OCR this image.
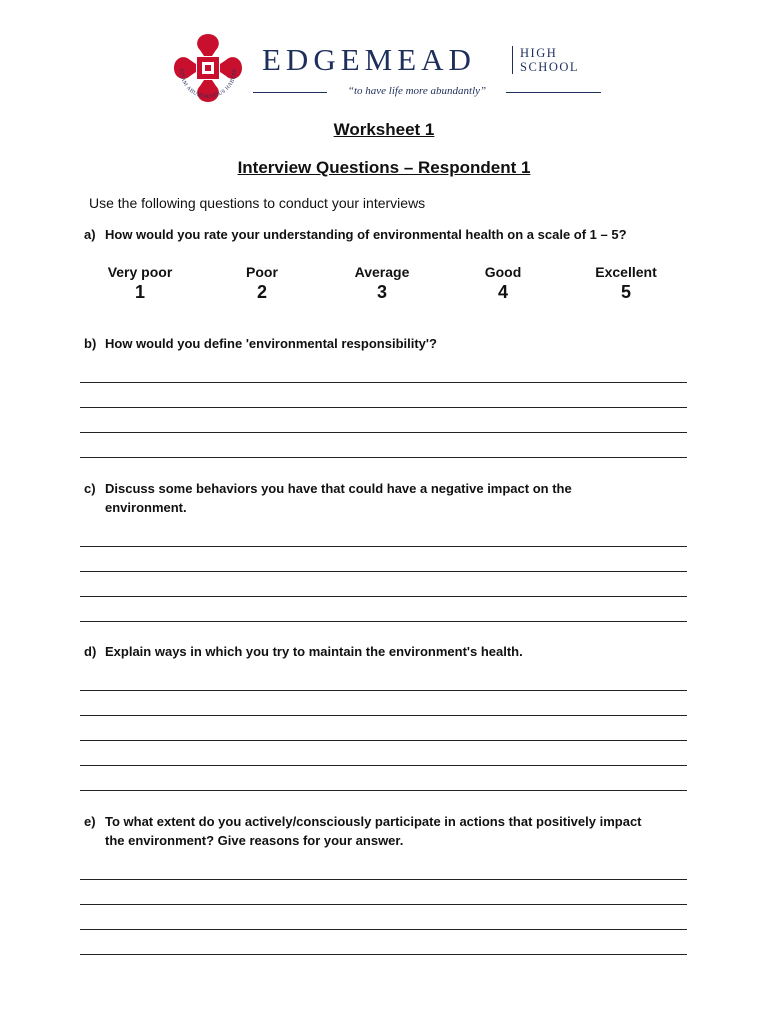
VITAM ABUNDANTIUS HABERE EDGEMEAD	HIGH
SCHOOL
“to have life more abundantly”
Worksheet 1
Interview Questions – Respondent 1
Use the following questions to conduct your interviews
a) How would you rate your understanding of environmental health on a scale of 1 – 5?
Very poor
1
Poor
2
Average
3
Good
4
Excellent
5
b) How would you define 'environmental responsibility'?
c) Discuss some behaviors you have that could have a negative impact on the environment.
d) Explain ways in which you try to maintain the environment's health.
e) To what extent do you actively/consciously participate in actions that positively impact the environment? Give reasons for your answer.
